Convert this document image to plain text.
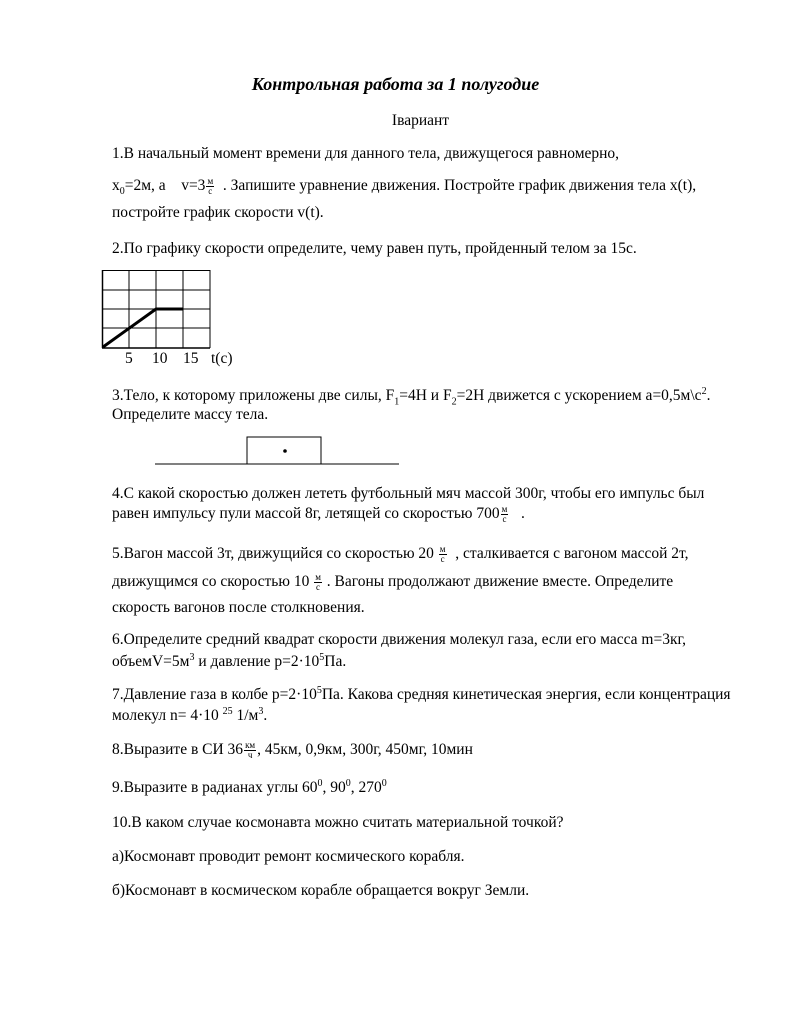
Контрольная работа за 1 полугодие
Iвариант
1.В начальный момент времени для данного тела, движущегося равномерно,
$x_0=2м$, а $v=3 \frac{м}{с}$ . Запишите уравнение движения. Постройте график движения тела x(t),
постройте график скорости v(t).
2.По графику скорости определите, чему равен путь, пройденный телом за 15с.
5 10 15 t(c)
3.Тело, к которому приложены две силы, $F_1=4Н$ и $F_2=2Н$ движется с ускорением $а=0,5м\backslash с^2$.
Определите массу тела.
4.С какой скоростью должен лететь футбольный мяч массой 300г, чтобы его импульс был
равен импульсу пули массой 8г, летящей со скоростью $700 \frac{м}{с}$ .
5.Вагон массой 3т, движущийся со скоростью $20 \frac{м}{с}$ , сталкивается с вагоном массой 2т,
движущимся со скоростью $10 \frac{м}{с}$ . Вагоны продолжают движение вместе. Определите
скорость вагонов после столкновения.
6.Определите средний квадрат скорости движения молекул газа, если его масса m=3кг,
$объемV=5м^3$ и давление $р=2\cdot 10^5Па$.
7.Давление газа в колбе $р=2\cdot 10^5Па$. Какова средняя кинетическая энергия, если концентрация
молекул n= 4·10 $^{25}$ $1/м^3$.
8.Выразите в СИ $36 \frac{км}{ч}$ , 45км, 0,9км, 300г, 450мг, 10мин
9.Выразите в радианах углы $60^0$, $90^0$, $270^0$
10.В каком случае космонавта можно считать материальной точкой?
а)Космонавт проводит ремонт космического корабля.
б)Космонавт в космическом корабле обращается вокруг Земли.
